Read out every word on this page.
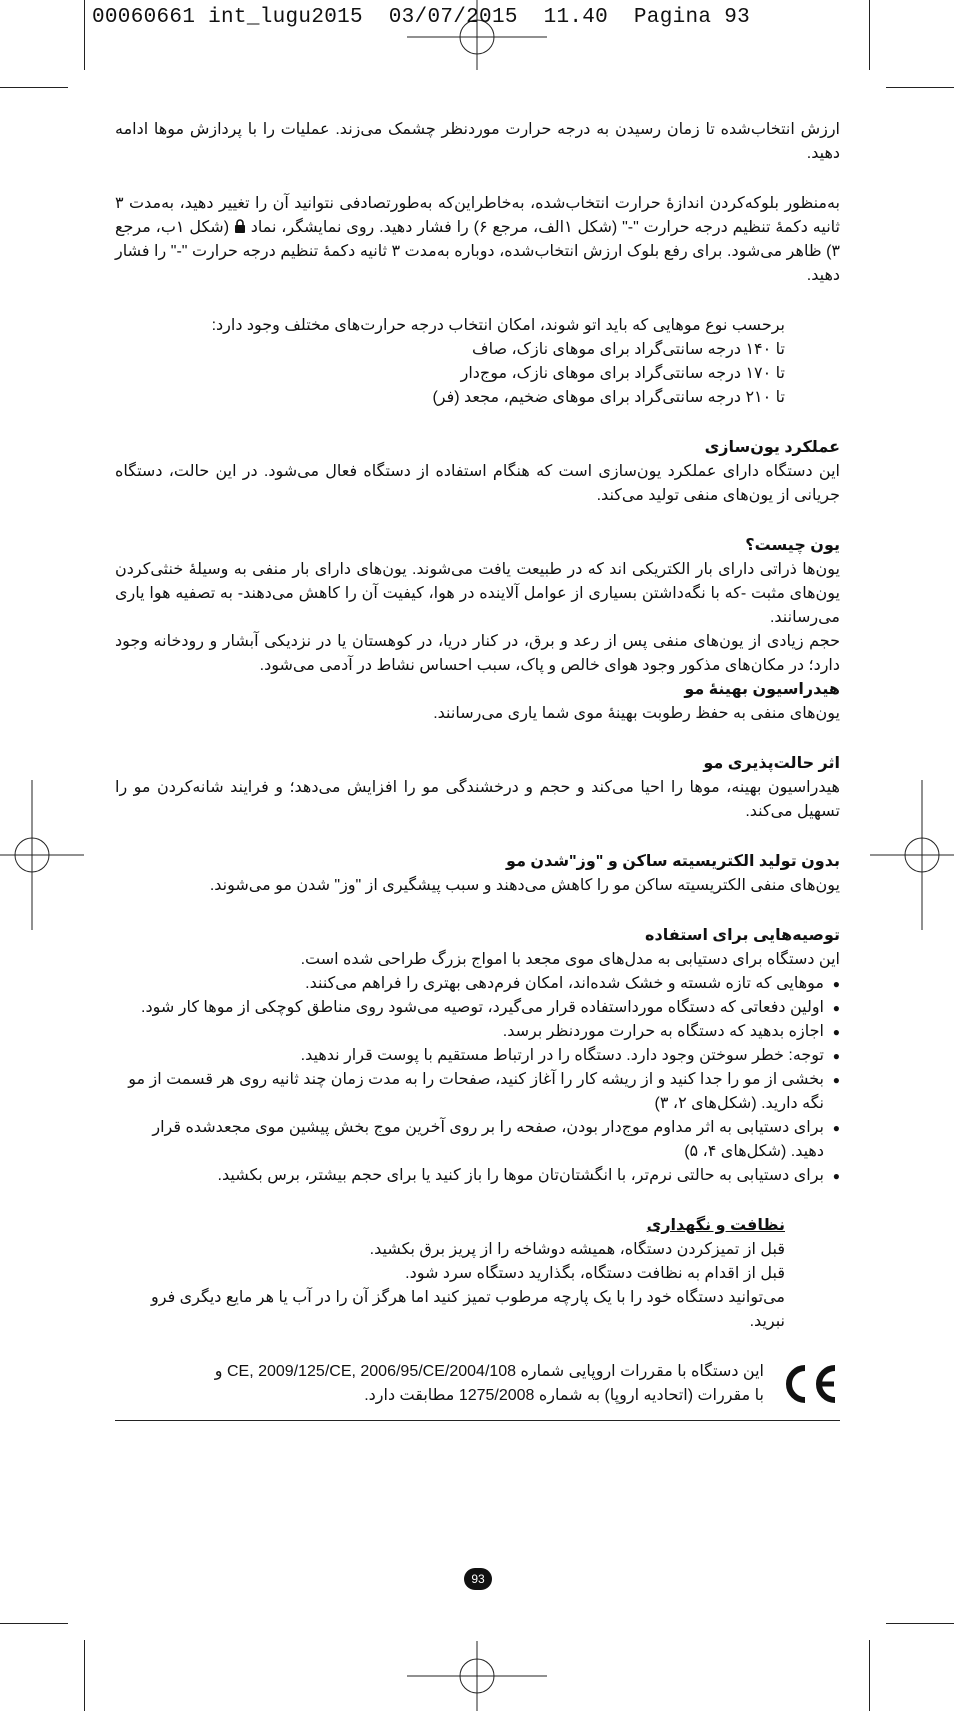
00060661 int_lugu2015  03/07/2015  11.40  Pagina 93

ارزش انتخاب‌شده تا زمان رسیدن به درجه حرارت موردنظر چشمک می‌زند. عملیات را با پردازش موها ادامه دهید.

به‌منظور بلوکه‌کردن اندازهٔ حرارت انتخاب‌شده، به‌خاطراین‌که به‌طورتصادفی نتوانید آن را تغییر دهید، به‌مدت ۳ ثانیه دکمهٔ تنظیم درجه حرارت "-" (شکل ۱الف، مرجع ۶) را فشار دهید. روی نمایشگر، نماد  (شکل ۱ب، مرجع ۳) ظاهر می‌شود. برای رفع بلوک ارزش انتخاب‌شده، دوباره به‌مدت ۳ ثانیه دکمهٔ تنظیم درجه حرارت "-" را فشار دهید.

برحسب نوع موهایی که باید اتو شوند، امکان انتخاب درجه حرارت‌های مختلف وجود دارد:

تا ۱۴۰ درجه سانتی‌گراد برای موهای نازک، صاف

تا ۱۷۰ درجه سانتی‌گراد برای موهای نازک، موج‌دار

تا ۲۱۰ درجه سانتی‌گراد برای موهای ضخیم، مجعد (فر)

عملکرد یون‌سازی

این دستگاه دارای عملکرد یون‌سازی است که هنگام استفاده از دستگاه فعال می‌شود. در این حالت، دستگاه جریانی از یون‌های منفی تولید می‌کند.

یون چیست؟

یون‌ها ذراتی دارای بار الکتریکی اند که در طبیعت یافت می‌شوند. یون‌های دارای بار منفی به وسیلهٔ خنثی‌کردن یون‌های مثبت -که با نگه‌داشتن بسیاری از عوامل آلاینده در هوا، کیفیت آن را کاهش می‌دهند- به تصفیه هوا یاری می‌رسانند.

حجم زیادی از یون‌های منفی پس از رعد و برق، در کنار دریا، در کوهستان یا در نزدیکی آبشار و رودخانه وجود دارد؛ در مکان‌های مذکور وجود هوای خالص و پاک، سبب احساس نشاط در آدمی می‌شود.

هیدراسیون بهینهٔ مو

یون‌های منفی به حفظ رطوبت بهینهٔ موی شما یاری می‌رسانند.

اثر حالت‌پذیری مو

هیدراسیون بهینه، موها را احیا می‌کند و حجم و درخشندگی مو را افزایش می‌دهد؛ و فرایند شانه‌کردن مو را تسهیل می‌کند.

بدون تولید الکتریسیته ساکن و "وز"شدن مو

یون‌های منفی الکتریسیته ساکن مو را کاهش می‌دهند و سبب پیشگیری از "وز" شدن مو می‌شوند.

توصیه‌هایی برای استفاده

این دستگاه برای دستیابی به مدل‌های موی مجعد با امواج بزرگ طراحی شده است.

● موهایی که تازه شسته و خشک شده‌اند، امکان فرم‌دهی بهتری را فراهم می‌کنند.
● اولین دفعاتی که دستگاه مورداستفاده قرار می‌گیرد، توصیه می‌شود روی مناطق کوچکی از موها کار شود.
● اجازه بدهید که دستگاه به حرارت موردنظر برسد.
● توجه: خطر سوختن وجود دارد. دستگاه را در ارتباط مستقیم با پوست قرار ندهید.
● بخشی از مو را جدا کنید و از ریشه کار را آغاز کنید، صفحات را به مدت زمان چند ثانیه روی هر قسمت از مو نگه دارید. (شکل‌های ۲، ۳)
● برای دستیابی به اثر مداوم موج‌دار بودن، صفحه را بر روی آخرین موج بخش پیشین موی مجعدشده قرار دهید. (شکل‌های ۴، ۵)
● برای دستیابی به حالتی نرم‌تر، با انگشتان‌تان موها را باز کنید یا برای حجم بیشتر، برس بکشید.

نظافت و نگهداری

قبل از تمیزکردن دستگاه، همیشه دوشاخه را از پریز برق بکشید.

قبل از اقدام به نظافت دستگاه، بگذارید دستگاه سرد شود.

می‌توانید دستگاه خود را با یک پارچه مرطوب تمیز کنید اما هرگز آن را در آب یا هر مایع دیگری فرو نبرید.

این دستگاه با مقررات اروپایی شماره 2004/108/CE, 2009/125/CE, 2006/95/CE و

با مقررات (اتحادیه اروپا) به شماره 1275/2008 مطابقت دارد.

93
